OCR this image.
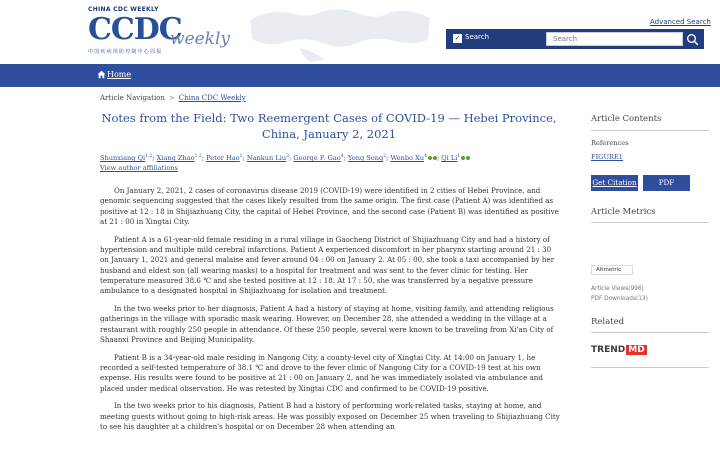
CHINA CDC WEEKLY
CCDC
weekly
中国疾病预防控制中心周报
Advanced Search
✓ Search
Search
Home
Article Navigation > China CDC Weekly
Notes from the Field: Two Reemergent Cases of COVID-19 — Hebei Province, China, January 2, 2021
Shunxiang Qi$^{1,2}$; Xiang Zhao$^{1,2}$; Peter Hao$^1$; Nankun Liu$^3$; George F. Gao$^4$; Yong Song$^2$; Wenbo Xu$^4$ ; Qi Li$^1$
View author affiliations

On January 2, 2021, 2 cases of coronavirus disease 2019 (COVID-19) were identified in 2 cities of Hebei Province, and genomic sequencing suggested that the cases likely resulted from the same origin. The first case (Patient A) was identified as positive at 12 : 18 in Shijiazhuang City, the capital of Hebei Province, and the second case (Patient B) was identified as positive at 21 : 00 in Xingtai City.

Patient A is a 61-year-old female residing in a rural village in Gaocheng District of Shijiazhuang City and had a history of hypertension and multiple mild cerebral infarctions. Patient A experienced discomfort in her pharynx starting around 21 : 30 on January 1, 2021 and general malaise and fever around 04 : 00 on January 2. At 05 : 00, she took a taxi accompanied by her husband and eldest son (all wearing masks) to a hospital for treatment and was sent to the fever clinic for testing. Her temperature measured 38.6 ℃ and she tested positive at 12 : 18. At 17 : 50, she was transferred by a negative pressure ambulance to a designated hospital in Shijiazhuang for isolation and treatment.

In the two weeks prior to her diagnosis, Patient A had a history of staying at home, visiting family, and attending religious gatherings in the village with sporadic mask wearing. However, on December 28, she attended a wedding in the village at a restaurant with roughly 250 people in attendance. Of these 250 people, several were known to be traveling from Xi'an City of Shaanxi Province and Beijing Municipality.

Patient B is a 34-year-old male residing in Nangong City, a county-level city of Xingtai City. At 14:00 on January 1, he recorded a self-tested temperature of 38.1 ℃ and drove to the fever clinic of Nangong City for a COVID-19 test at his own expense. His results were found to be positive at 21 : 00 on January 2, and he was immediately isolated via ambulance and placed under medical observation. He was retested by Xingtai CDC and confirmed to be COVID-19 positive.

In the two weeks prior to his diagnosis, Patient B had a history of performing work-related tasks, staying at home, and meeting guests without going to high-risk areas. He was possibly exposed on December 25 when traveling to Shijiazhuang City to see his daughter at a children's hospital or on December 28 when attending an

Article Contents
References
FIGURE1
Get Citation	PDF
Article Metrics
Altmetric
Article Views(996)
PDF Downloads(13)
Related
TREND MD
